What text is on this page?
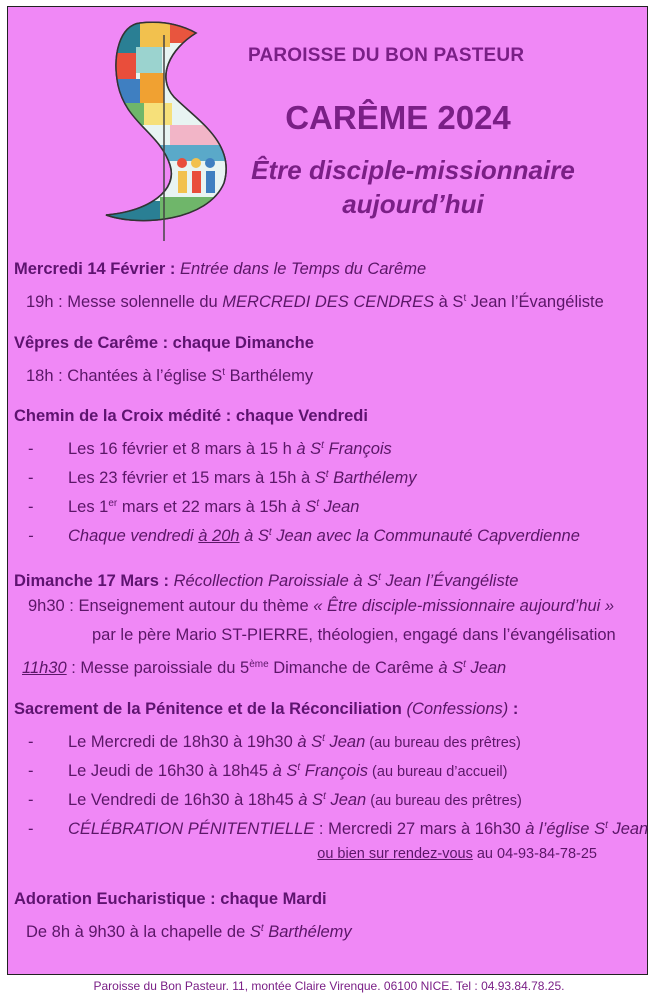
PAROISSE DU BON PASTEUR
CARÊME 2024
Être disciple-missionnaire
aujourd’hui
Mercredi 14 Février : Entrée dans le Temps du Carême
19h : Messe solennelle du MERCREDI DES CENDRES à $S^t$ Jean l’Évangéliste
Vêpres de Carême : chaque Dimanche
18h : Chantées à l’église $S^t$ Barthélemy
Chemin de la Croix médité : chaque Vendredi
- Les 16 février et 8 mars à 15 h à $S^t$ François
- Les 23 février et 15 mars à 15h à $S^t$ Barthélemy
- Les 1er mars et 22 mars à 15h à $S^t$ Jean
- Chaque vendredi à 20h à $S^t$ Jean avec la Communauté Capverdienne
Dimanche 17 Mars : Récollection Paroissiale à $S^t$ Jean l’Évangéliste
9h30 : Enseignement autour du thème « Être disciple-missionnaire aujourd’hui »
par le père Mario ST-PIERRE, théologien, engagé dans l’évangélisation
11h30 : Messe paroissiale du 5ème Dimanche de Carême à $S^t$ Jean
Sacrement de la Pénitence et de la Réconciliation (Confessions) :
- Le Mercredi de 18h30 à 19h30 à $S^t$ Jean (au bureau des prêtres)
- Le Jeudi de 16h30 à 18h45 à $S^t$ François (au bureau d’accueil)
- Le Vendredi de 16h30 à 18h45 à $S^t$ Jean (au bureau des prêtres)
- CÉLÉBRATION PÉNITENTIELLE : Mercredi 27 mars à 16h30 à l’église $S^t$ Jean
ou bien sur rendez-vous au 04-93-84-78-25
Adoration Eucharistique : chaque Mardi
De 8h à 9h30 à la chapelle de $S^t$ Barthélemy
Paroisse du Bon Pasteur. 11, montée Claire Virenque. 06100 NICE. Tel : 04.93.84.78.25.
